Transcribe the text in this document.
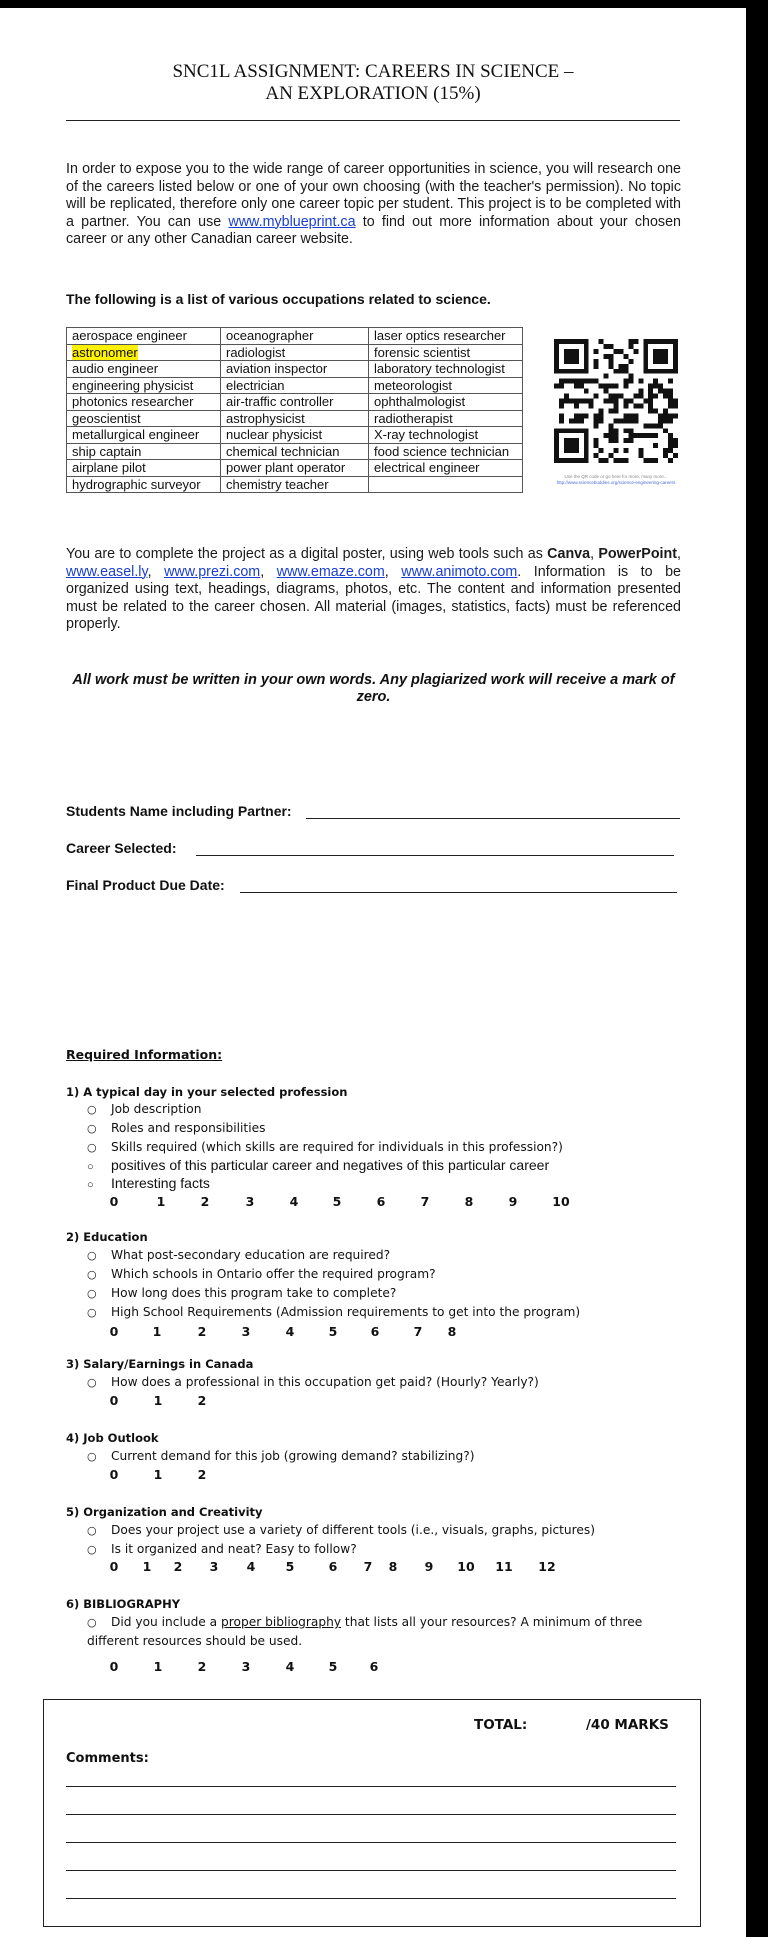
SNC1L ASSIGNMENT: CAREERS IN SCIENCE –
AN EXPLORATION (15%)
In order to expose you to the wide range of career opportunities in science, you will research one of the careers listed below or one of your own choosing (with the teacher's permission). No topic will be replicated, therefore only one career topic per student. This project is to be completed with a partner. You can use www.myblueprint.ca to find out more information about your chosen career or any other Canadian career website.
The following is a list of various occupations related to science.
aerospace engineer	oceanographer	laser optics researcher
astronomer	radiologist	forensic scientist
audio engineer	aviation inspector	laboratory technologist
engineering physicist	electrician	meteorologist
photonics researcher	air-traffic controller	ophthalmologist
geoscientist	astrophysicist	radiotherapist
metallurgical engineer	nuclear physicist	X-ray technologist
ship captain	chemical technician	food science technician
airplane pilot	power plant operator	electrical engineer
hydrographic surveyor	chemistry teacher		Use the QR code or go here for more, many more...
http://www.sciencebuddies.org/science-engineering-careers
You are to complete the project as a digital poster, using web tools such as Canva, PowerPoint, www.easel.ly, www.prezi.com, www.emaze.com, www.animoto.com. Information is to be organized using text, headings, diagrams, photos, etc. The content and information presented must be related to the career chosen. All material (images, statistics, facts) must be referenced properly.
All work must be written in your own words. Any plagiarized work will receive a mark of zero.
Students Name including Partner:
Career Selected:
Final Product Due Date:
Required Information:
1) A typical day in your selected profession
○ Job description
○ Roles and responsibilities
○ Skills required (which skills are required for individuals in this profession?)
○ positives of this particular career and negatives of this particular career
○ Interesting facts
0	1	2	3	4	5	6	7	8	9	10
2) Education
○ What post-secondary education are required?
○ Which schools in Ontario offer the required program?
○ How long does this program take to complete?
○ High School Requirements (Admission requirements to get into the program)
0	1	2	3	4	5	6	7 8
3) Salary/Earnings in Canada
○ How does a professional in this occupation get paid? (Hourly? Yearly?)
0	1	2
4) Job Outlook
○ Current demand for this job (growing demand? stabilizing?)
0	1	2
5) Organization and Creativity
○ Does your project use a variety of different tools (i.e., visuals, graphs, pictures)
○ Is it organized and neat? Easy to follow?
0 1 2 3 4 5	6 7 8 9 10 11 12
6) BIBLIOGRAPHY
○ Did you include a proper bibliography that lists all your resources? A minimum of three different resources should be used.
0	1	2	3	4	5	6
TOTAL:	/40 MARKS
Comments:
